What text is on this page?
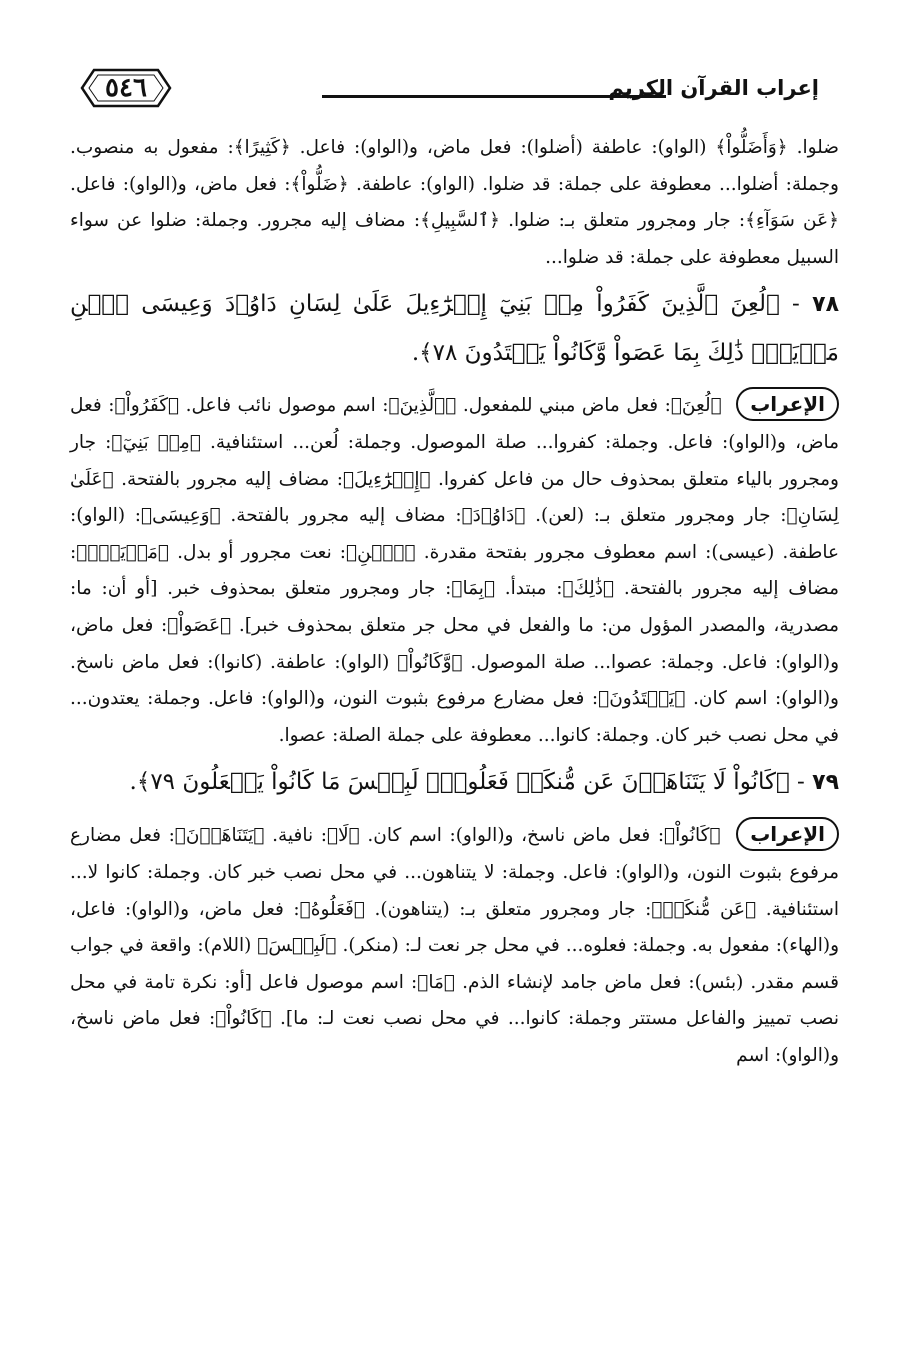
٥٤٦	إعراب القرآن الكريم

ضلوا. ﴿وَأَضَلُّواْ﴾ (الواو): عاطفة (أضلوا): فعل ماض، و(الواو): فاعل. ﴿كَثِيرًا﴾: مفعول به منصوب. وجملة: أضلوا... معطوفة على جملة: قد ضلوا. (الواو): عاطفة. ﴿ضَلُّواْ﴾: فعل ماض، و(الواو): فاعل. ﴿عَن سَوَآءِ﴾: جار ومجرور متعلق بـ: ضلوا. ﴿ٱلسَّبِيلِ﴾: مضاف إليه مجرور. وجملة: ضلوا عن سواء السبيل معطوفة على جملة: قد ضلوا...

٧٨ - ﴿لُعِنَ ٱلَّذِينَ كَفَرُواْ مِنۢ بَنِيٓ إِسۡرَٰٓءِيلَ عَلَىٰ لِسَانِ دَاوُۥدَ وَعِيسَى ٱبۡنِ مَرۡيَمَۚ ذَٰلِكَ بِمَا عَصَواْ وَّكَانُواْ يَعۡتَدُونَ ٧٨﴾.

الإعراب ﴿لُعِنَ﴾: فعل ماض مبني للمفعول. ﴿ٱلَّذِينَ﴾: اسم موصول نائب فاعل. ﴿كَفَرُواْ﴾: فعل ماض، و(الواو): فاعل. وجملة: كفروا... صلة الموصول. وجملة: لُعن... استئنافية. ﴿مِنۢ بَنِيٓ﴾: جار ومجرور بالياء متعلق بمحذوف حال من فاعل كفروا. ﴿إِسۡرَٰٓءِيلَ﴾: مضاف إليه مجرور بالفتحة. ﴿عَلَىٰ لِسَانِ﴾: جار ومجرور متعلق بـ: (لعن). ﴿دَاوُۥدَ﴾: مضاف إليه مجرور بالفتحة. ﴿وَعِيسَى﴾: (الواو): عاطفة. (عيسى): اسم معطوف مجرور بفتحة مقدرة. ﴿ٱبۡنِ﴾: نعت مجرور أو بدل. ﴿مَرۡيَمَۚ﴾: مضاف إليه مجرور بالفتحة. ﴿ذَٰلِكَ﴾: مبتدأ. ﴿بِمَا﴾: جار ومجرور متعلق بمحذوف خبر. [أو أن: ما: مصدرية، والمصدر المؤول من: ما والفعل في محل جر متعلق بمحذوف خبر]. ﴿عَصَواْ﴾: فعل ماض، و(الواو): فاعل. وجملة: عصوا... صلة الموصول. ﴿وَّكَانُواْ﴾ (الواو): عاطفة. (كانوا): فعل ماض ناسخ. و(الواو): اسم كان. ﴿يَعۡتَدُونَ﴾: فعل مضارع مرفوع بثبوت النون، و(الواو): فاعل. وجملة: يعتدون... في محل نصب خبر كان. وجملة: كانوا... معطوفة على جملة الصلة: عصوا.

٧٩ - ﴿كَانُواْ لَا يَتَنَاهَوۡنَ عَن مُّنكَرٖ فَعَلُوهُۚ لَبِئۡسَ مَا كَانُواْ يَفۡعَلُونَ ٧٩﴾.

الإعراب ﴿كَانُواْ﴾: فعل ماض ناسخ، و(الواو): اسم كان. ﴿لَا﴾: نافية. ﴿يَتَنَاهَوۡنَ﴾: فعل مضارع مرفوع بثبوت النون، و(الواو): فاعل. وجملة: لا يتناهون... في محل نصب خبر كان. وجملة: كانوا لا... استئنافية. ﴿عَن مُّنكَرٖ﴾: جار ومجرور متعلق بـ: (يتناهون). ﴿فَعَلُوهُ﴾: فعل ماض، و(الواو): فاعل، و(الهاء): مفعول به. وجملة: فعلوه... في محل جر نعت لـ: (منكر). ﴿لَبِئۡسَ﴾ (اللام): واقعة في جواب قسم مقدر. (بئس): فعل ماض جامد لإنشاء الذم. ﴿مَا﴾: اسم موصول فاعل [أو: نكرة تامة في محل نصب تمييز والفاعل مستتر وجملة: كانوا... في محل نصب نعت لـ: ما]. ﴿كَانُواْ﴾: فعل ماض ناسخ، و(الواو): اسم
